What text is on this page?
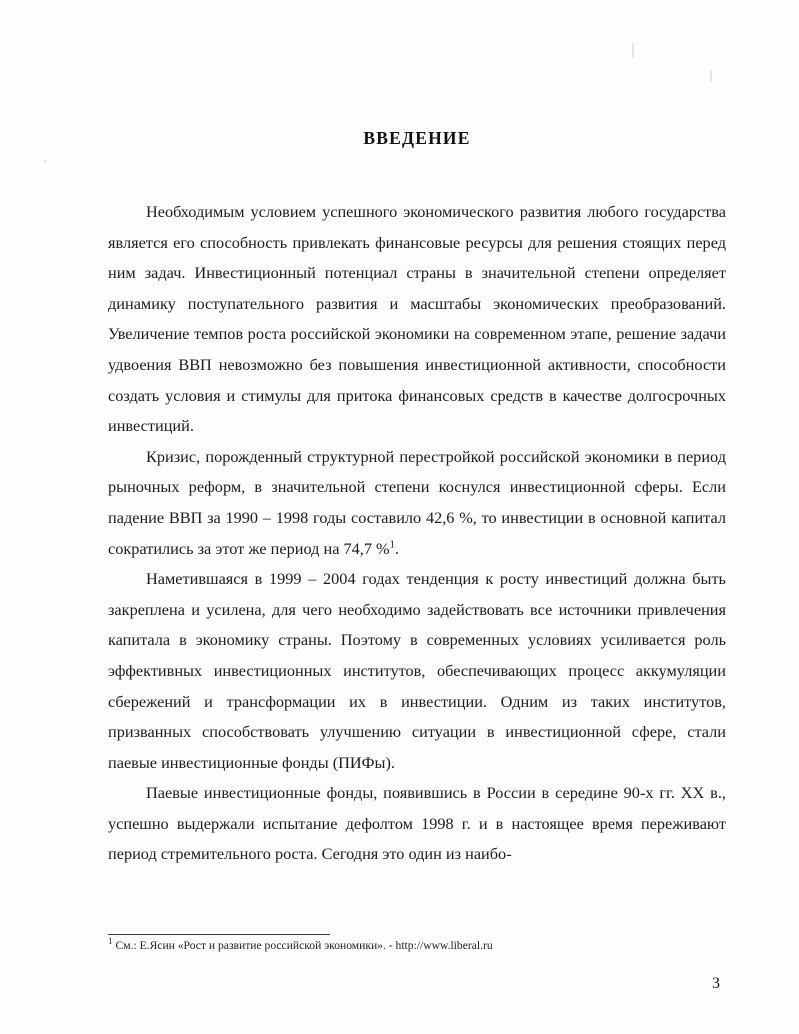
ВВЕДЕНИЕ

Необходимым условием успешного экономического развития любого государства является его способность привлекать финансовые ресурсы для решения стоящих перед ним задач. Инвестиционный потенциал страны в значительной степени определяет динамику поступательного развития и масштабы экономических преобразований. Увеличение темпов роста российской экономики на современном этапе, решение задачи удвоения ВВП невозможно без повышения инвестиционной активности, способности создать условия и стимулы для притока финансовых средств в качестве долгосрочных инвестиций.

Кризис, порожденный структурной перестройкой российской экономики в период рыночных реформ, в значительной степени коснулся инвестиционной сферы. Если падение ВВП за 1990 – 1998 годы составило 42,6 %, то инвестиции в основной капитал сократились за этот же период на 74,7 %$^1$.

Наметившаяся в 1999 – 2004 годах тенденция к росту инвестиций должна быть закреплена и усилена, для чего необходимо задействовать все источники привлечения капитала в экономику страны. Поэтому в современных условиях усиливается роль эффективных инвестиционных институтов, обеспечивающих процесс аккумуляции сбережений и трансформации их в инвестиции. Одним из таких институтов, призванных способствовать улучшению ситуации в инвестиционной сфере, стали паевые инвестиционные фонды (ПИФы).

Паевые инвестиционные фонды, появившись в России в середине 90-х гг. XX в., успешно выдержали испытание дефолтом 1998 г. и в настоящее время переживают период стремительного роста. Сегодня это один из наибо-

$^1$ См.: Е.Ясин «Рост и развитие российской экономики». - http://www.liberal.ru
3
